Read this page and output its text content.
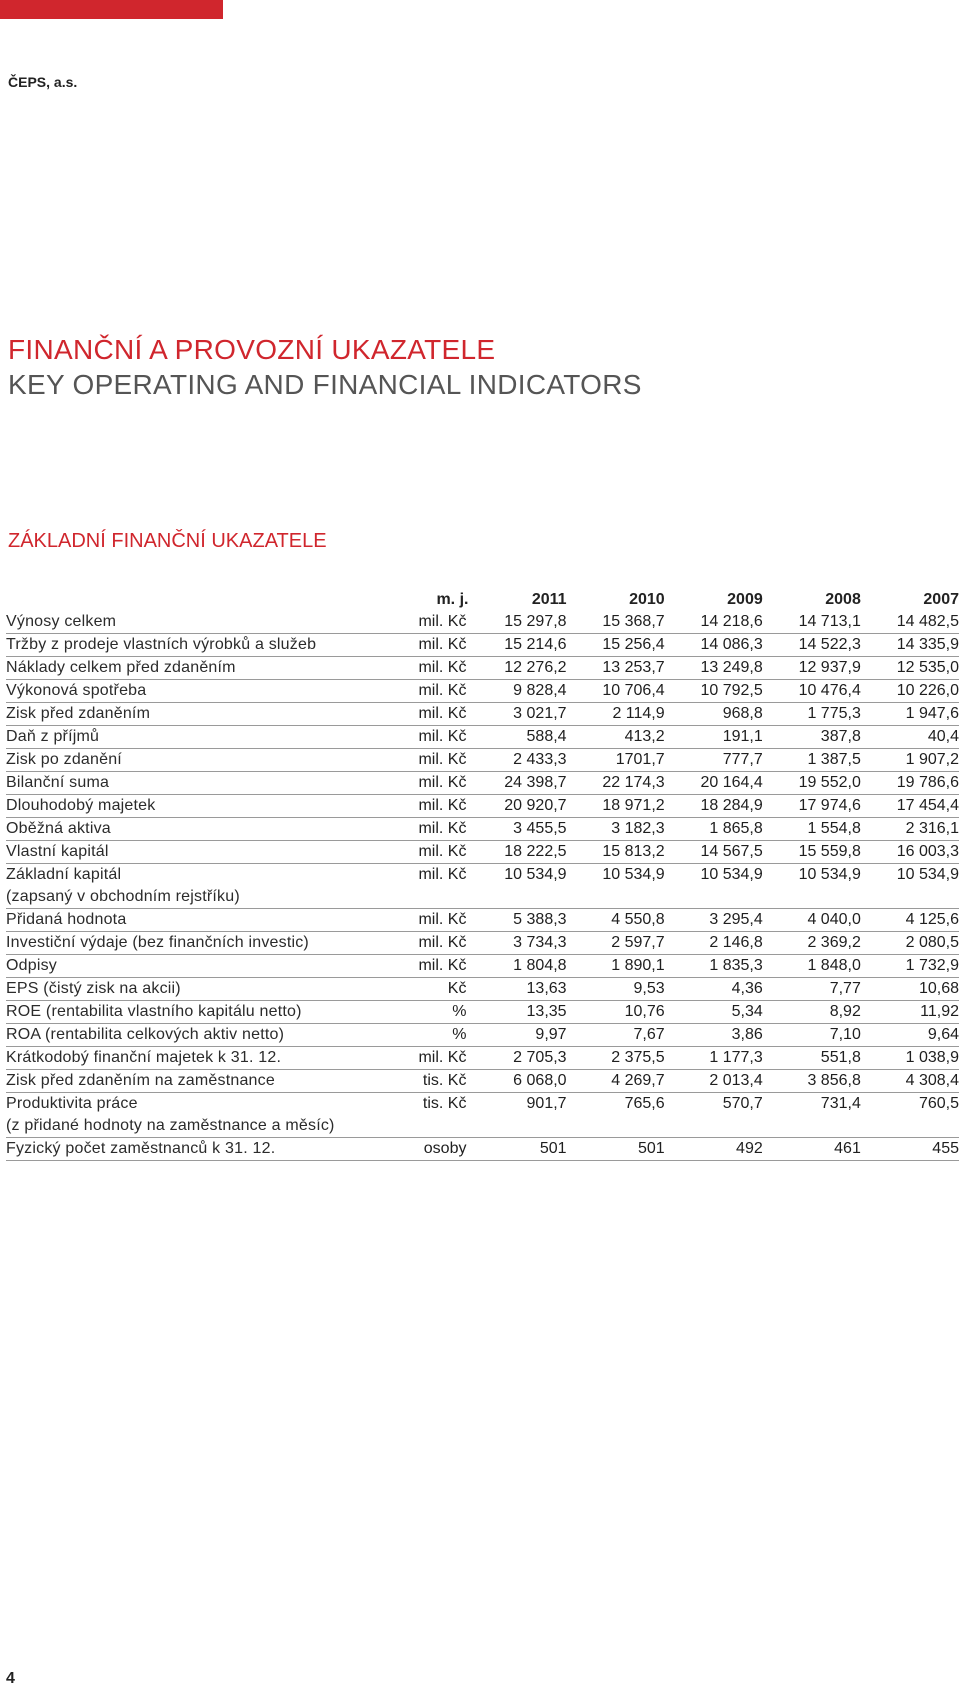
ČEPS, a.s.
FINANČNÍ A PROVOZNÍ UKAZATELE
KEY OPERATING AND FINANCIAL INDICATORS
ZÁKLADNÍ FINANČNÍ UKAZATELE
	m. j.	2011	2010	2009	2008	2007
Výnosy celkem	mil. Kč	15 297,8	15 368,7	14 218,6	14 713,1	14 482,5
Tržby z prodeje vlastních výrobků a služeb	mil. Kč	15 214,6	15 256,4	14 086,3	14 522,3	14 335,9
Náklady celkem před zdaněním	mil. Kč	12 276,2	13 253,7	13 249,8	12 937,9	12 535,0
Výkonová spotřeba	mil. Kč	9 828,4	10 706,4	10 792,5	10 476,4	10 226,0
Zisk před zdaněním	mil. Kč	3 021,7	2 114,9	968,8	1 775,3	1 947,6
Daň z příjmů	mil. Kč	588,4	413,2	191,1	387,8	40,4
Zisk po zdanění	mil. Kč	2 433,3	1701,7	777,7	1 387,5	1 907,2
Bilanční suma	mil. Kč	24 398,7	22 174,3	20 164,4	19 552,0	19 786,6
Dlouhodobý majetek	mil. Kč	20 920,7	18 971,2	18 284,9	17 974,6	17 454,4
Oběžná aktiva	mil. Kč	3 455,5	3 182,3	1 865,8	1 554,8	2 316,1
Vlastní kapitál	mil. Kč	18 222,5	15 813,2	14 567,5	15 559,8	16 003,3
Základní kapitál	mil. Kč	10 534,9	10 534,9	10 534,9	10 534,9	10 534,9
(zapsaný v obchodním rejstříku)						
Přidaná hodnota	mil. Kč	5 388,3	4 550,8	3 295,4	4 040,0	4 125,6
Investiční výdaje (bez finančních investic)	mil. Kč	3 734,3	2 597,7	2 146,8	2 369,2	2 080,5
Odpisy	mil. Kč	1 804,8	1 890,1	1 835,3	1 848,0	1 732,9
EPS (čistý zisk na akcii)	Kč	13,63	9,53	4,36	7,77	10,68
ROE (rentabilita vlastního kapitálu netto)	%	13,35	10,76	5,34	8,92	11,92
ROA (rentabilita celkových aktiv netto)	%	9,97	7,67	3,86	7,10	9,64
Krátkodobý finanční majetek k 31. 12.	mil. Kč	2 705,3	2 375,5	1 177,3	551,8	1 038,9
Zisk před zdaněním na zaměstnance	tis. Kč	6 068,0	4 269,7	2 013,4	3 856,8	4 308,4
Produktivita práce	tis. Kč	901,7	765,6	570,7	731,4	760,5
(z přidané hodnoty na zaměstnance a měsíc)						
Fyzický počet zaměstnanců k 31. 12.	osoby	501	501	492	461	455
4
